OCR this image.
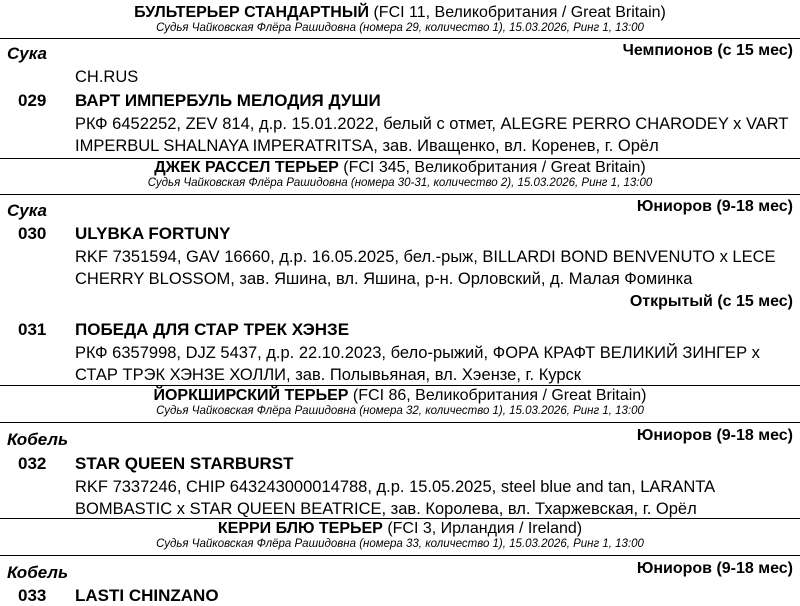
БУЛЬТЕРЬЕР СТАНДАРТНЫЙ (FCI 11, Великобритания / Great Britain)
Судья Чайковская Флёра Рашидовна (номера 29, количество 1), 15.03.2026, Ринг 1, 13:00
Сука	Чемпионов (с 15 мес)
CH.RUS
029 ВАРТ ИМПЕРБУЛЬ МЕЛОДИЯ ДУШИ
РКФ 6452252, ZEV 814, д.р. 15.01.2022, белый с отмет, ALEGRE PERRO CHARODEY x VART IMPERBUL SHALNAYA IMPERATRITSA, зав. Иващенко, вл. Коренев, г. Орёл
ДЖЕК РАССЕЛ ТЕРЬЕР (FCI 345, Великобритания / Great Britain)
Судья Чайковская Флёра Рашидовна (номера 30-31, количество 2), 15.03.2026, Ринг 1, 13:00
Сука	Юниоров (9-18 мес)
030 ULYBKA FORTUNY
RKF 7351594, GAV 16660, д.р. 16.05.2025, бел.-рыж, BILLARDI BOND BENVENUTO x LECE CHERRY BLOSSOM, зав. Яшина, вл. Яшина, р-н. Орловский, д. Малая Фоминка
Открытый (с 15 мес)
031 ПОБЕДА ДЛЯ СТАР ТРЕК ХЭНЗЕ
РКФ 6357998, DJZ 5437, д.р. 22.10.2023, бело-рыжий, ФОРА КРАФТ ВЕЛИКИЙ ЗИНГЕР x СТАР ТРЭК ХЭНЗЕ ХОЛЛИ, зав. Полывьяная, вл. Хэензе, г. Курск
ЙОРКШИРСКИЙ ТЕРЬЕР (FCI 86, Великобритания / Great Britain)
Судья Чайковская Флёра Рашидовна (номера 32, количество 1), 15.03.2026, Ринг 1, 13:00
Кобель	Юниоров (9-18 мес)
032 STAR QUEEN STARBURST
RKF 7337246, CHIP 643243000014788, д.р. 15.05.2025, steel blue and tan, LARANTA BOMBASTIC x STAR QUEEN BEATRICE, зав. Королева, вл. Тхаржевская, г. Орёл
КЕРРИ БЛЮ ТЕРЬЕР (FCI 3, Ирландия / Ireland)
Судья Чайковская Флёра Рашидовна (номера 33, количество 1), 15.03.2026, Ринг 1, 13:00
Кобель	Юниоров (9-18 мес)
033 LASTI CHINZANO
